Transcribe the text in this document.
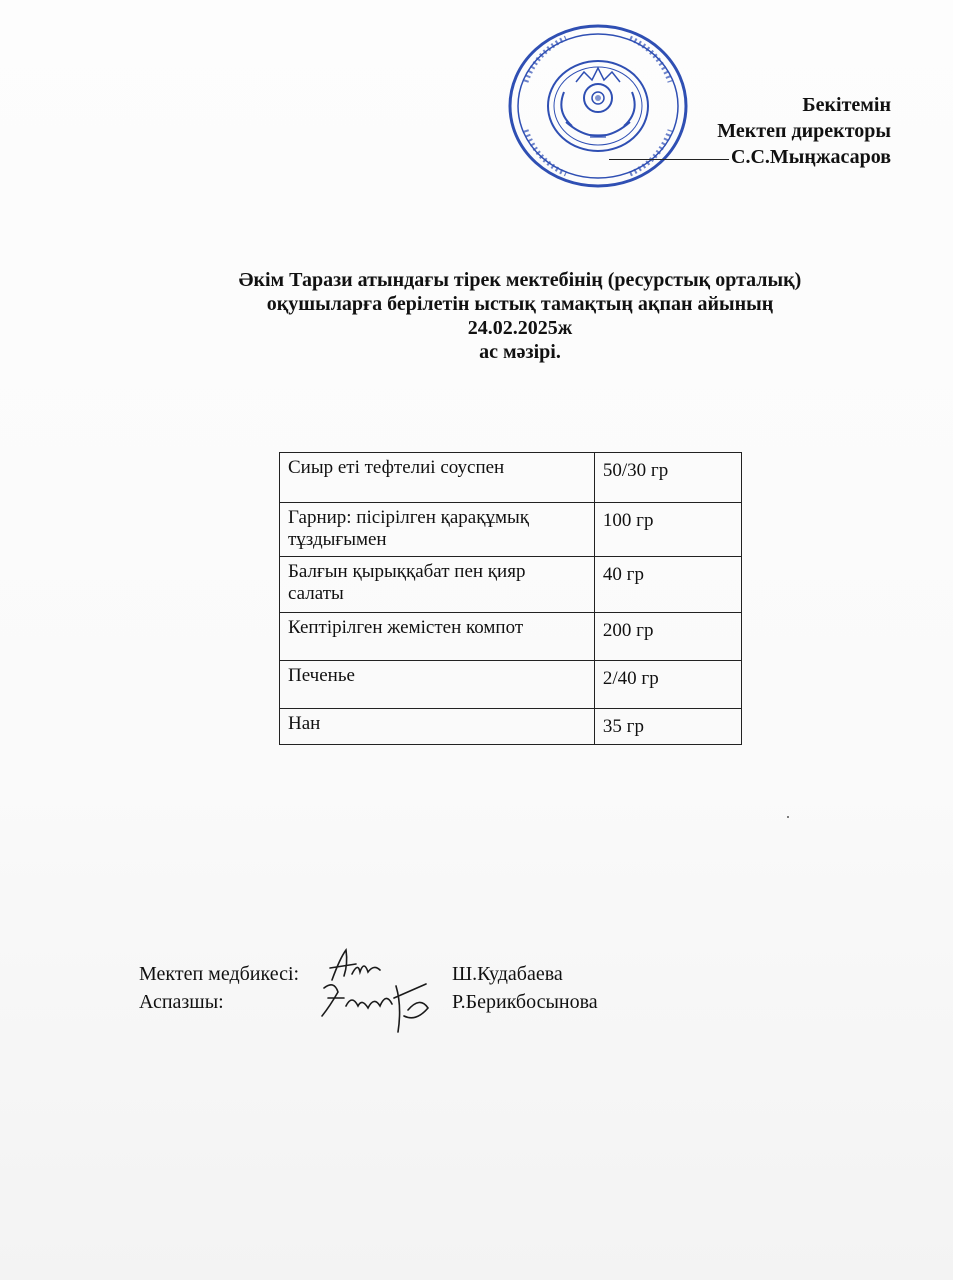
Бекітемін
Мектеп директоры
С.С.Мыңжасаров
Әкім Тарази атындағы тірек мектебінің (ресурстық орталық)
оқушыларға берілетін ыстық тамақтың ақпан айының
24.02.2025ж
ас мәзірі.
Сиыр еті тефтелиі соуспен	50/30 гр
Гарнир: пісірілген қарақұмық тұздығымен	100 гр
Балғын қырыққабат пен қияр салаты	40 гр
Кептірілген жемістен компот	200 гр
Печенье	2/40 гр
Нан	35 гр
Мектеп медбикесі:	Ш.Кудабаева
Аспазшы:	Р.Берикбосынова
